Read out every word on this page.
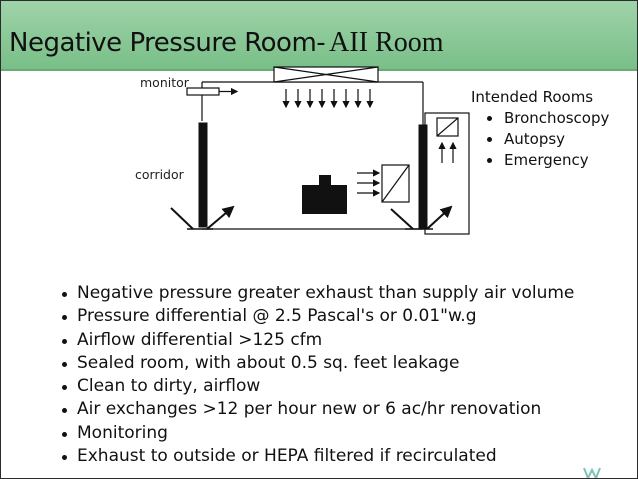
Negative Pressure Room- AII Room
monitor
corridor
Intended Rooms
Bronchoscopy
Autopsy
Emergency
Negative pressure greater exhaust than supply air volume
Pressure differential @ 2.5 Pascal's or 0.01"w.g
Airflow differential >125 cfm
Sealed room, with about 0.5 sq. feet leakage
Clean to dirty, airflow
Air exchanges >12 per hour new or 6 ac/hr renovation
Monitoring
Exhaust to outside or HEPA filtered if recirculated
